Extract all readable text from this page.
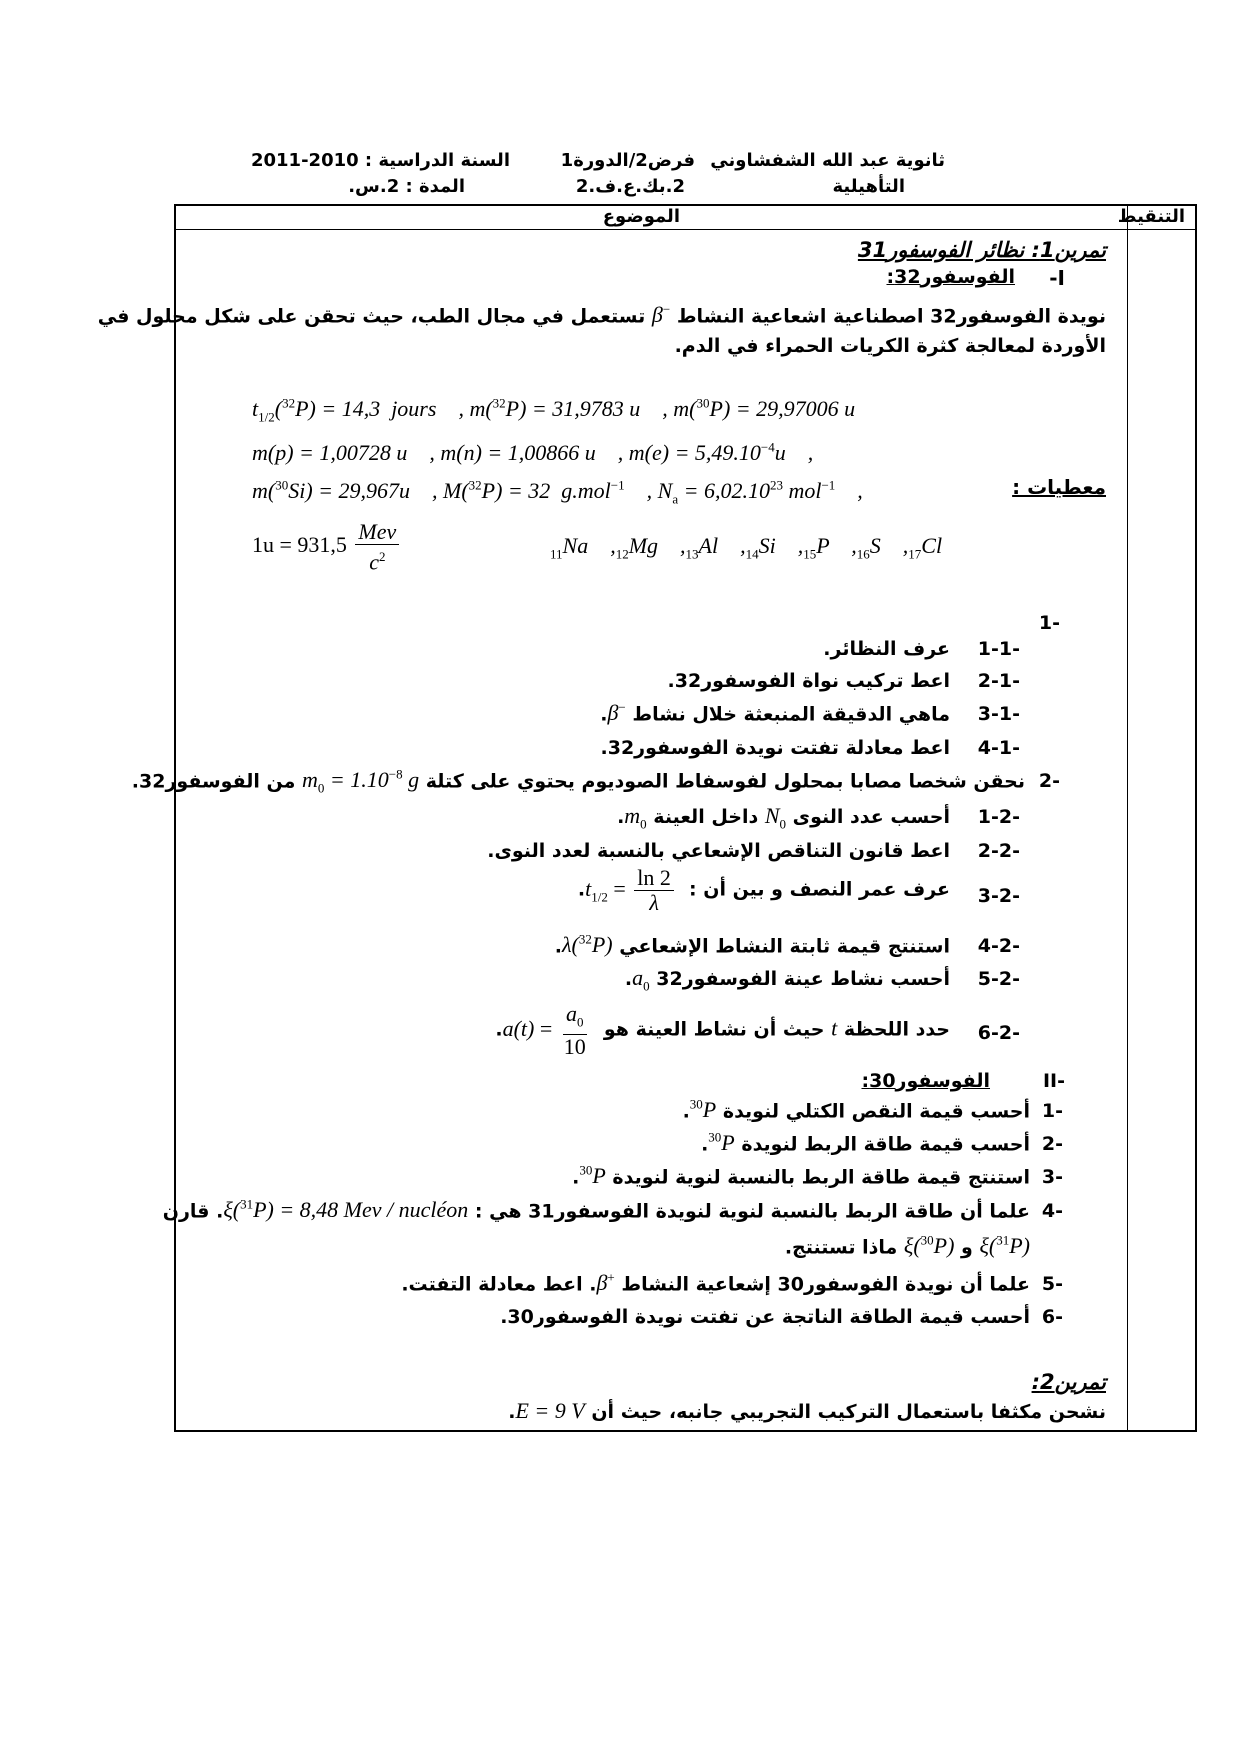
ثانوية عبد الله الشفشاوني
التأهيلية
فرض2/الدورة1
2.بك.ع.ف.2
السنة الدراسية : 2010-2011
المدة : 2.س.
التنقيط
الموضوع
تمرين1: نظائر الفوسفور31
I-
الفوسفور32:
نويدة الفوسفور32 اصطناعية اشعاعية النشاط β− تستعمل في مجال الطب، حيث تحقن على شكل محلول في
الأوردة لمعالجة كثرة الكريات الحمراء في الدم.
$t_{1/2}(^{32}P) = 14,3$  jours , m($^{32}$P) = 31,9783 u , m($^{30}$P) = 29,97006 u
m(p) = 1,00728 u    , m(n) = 1,00866 u    , $m(e) = 5,49.10^{-4}u$    ,
m($^{30}$Si) = 29,967u    , M($^{32}$P) = 32  g.mol$^{-1}$    , $N_a = 6,02.10^{23}$ mol$^{-1}$    ,	معطيات :
$1u = 931,5 \frac{\text{Mev}}{c^2}$	$_{11}$Na    $,_{12}Mg$    $,_{13}Al$    $,_{14}Si$    $,_{15}P$    $,_{16}S$    $,_{17}Cl$
-1
-1-1
عرف النظائر.
-2-1
اعط تركيب نواة الفوسفور32.
-3-1
ماهي الدقيقة المنبعثة خلال نشاط β−.
-4-1
اعط معادلة تفتت نويدة الفوسفور32.
-2
نحقن شخصا مصابا بمحلول لفوسفاط الصوديوم يحتوي على كتلة $m_0 = 1.10^{-8}$ g من الفوسفور32.
-1-2
أحسب عدد النوى $N_0$ داخل العينة $m_0$.
-2-2
اعط قانون التناقص الإشعاعي بالنسبة لعدد النوى.
-3-2
عرف عمر النصف و بين أن : $t_{1/2} = \frac{\ln 2}{\lambda}$
.
-4-2
استنتج قيمة ثابتة النشاط الإشعاعي λ($^{32}$P).
-5-2
أحسب نشاط عينة الفوسفور32 $a_0$.
-6-2
حدد اللحظة t حيث أن نشاط العينة هو $a(t) = \frac{a_0}{10}$
.
-II
الفوسفور30:
-1
أحسب قيمة النقص الكتلي لنويدة $^{30}$P.
-2
أحسب قيمة طاقة الربط لنويدة $^{30}$P.
-3
استنتج قيمة طاقة الربط بالنسبة لنوية لنويدة $^{30}$P.
-4
علما أن طاقة الربط بالنسبة لنوية لنويدة الفوسفور31 هي : ξ($^{31}$P) = 8,48 Mev / nucléon. قارن
ξ($^{31}$P) و ξ($^{30}$P) ماذا تستنتج.
-5
علما أن نويدة الفوسفور30 إشعاعية النشاط β+. اعط معادلة التفتت.
-6
أحسب قيمة الطاقة الناتجة عن تفتت نويدة الفوسفور30.
تمرين2:
نشحن مكثفا باستعمال التركيب التجريبي جانبه، حيث أن E = 9 V.
